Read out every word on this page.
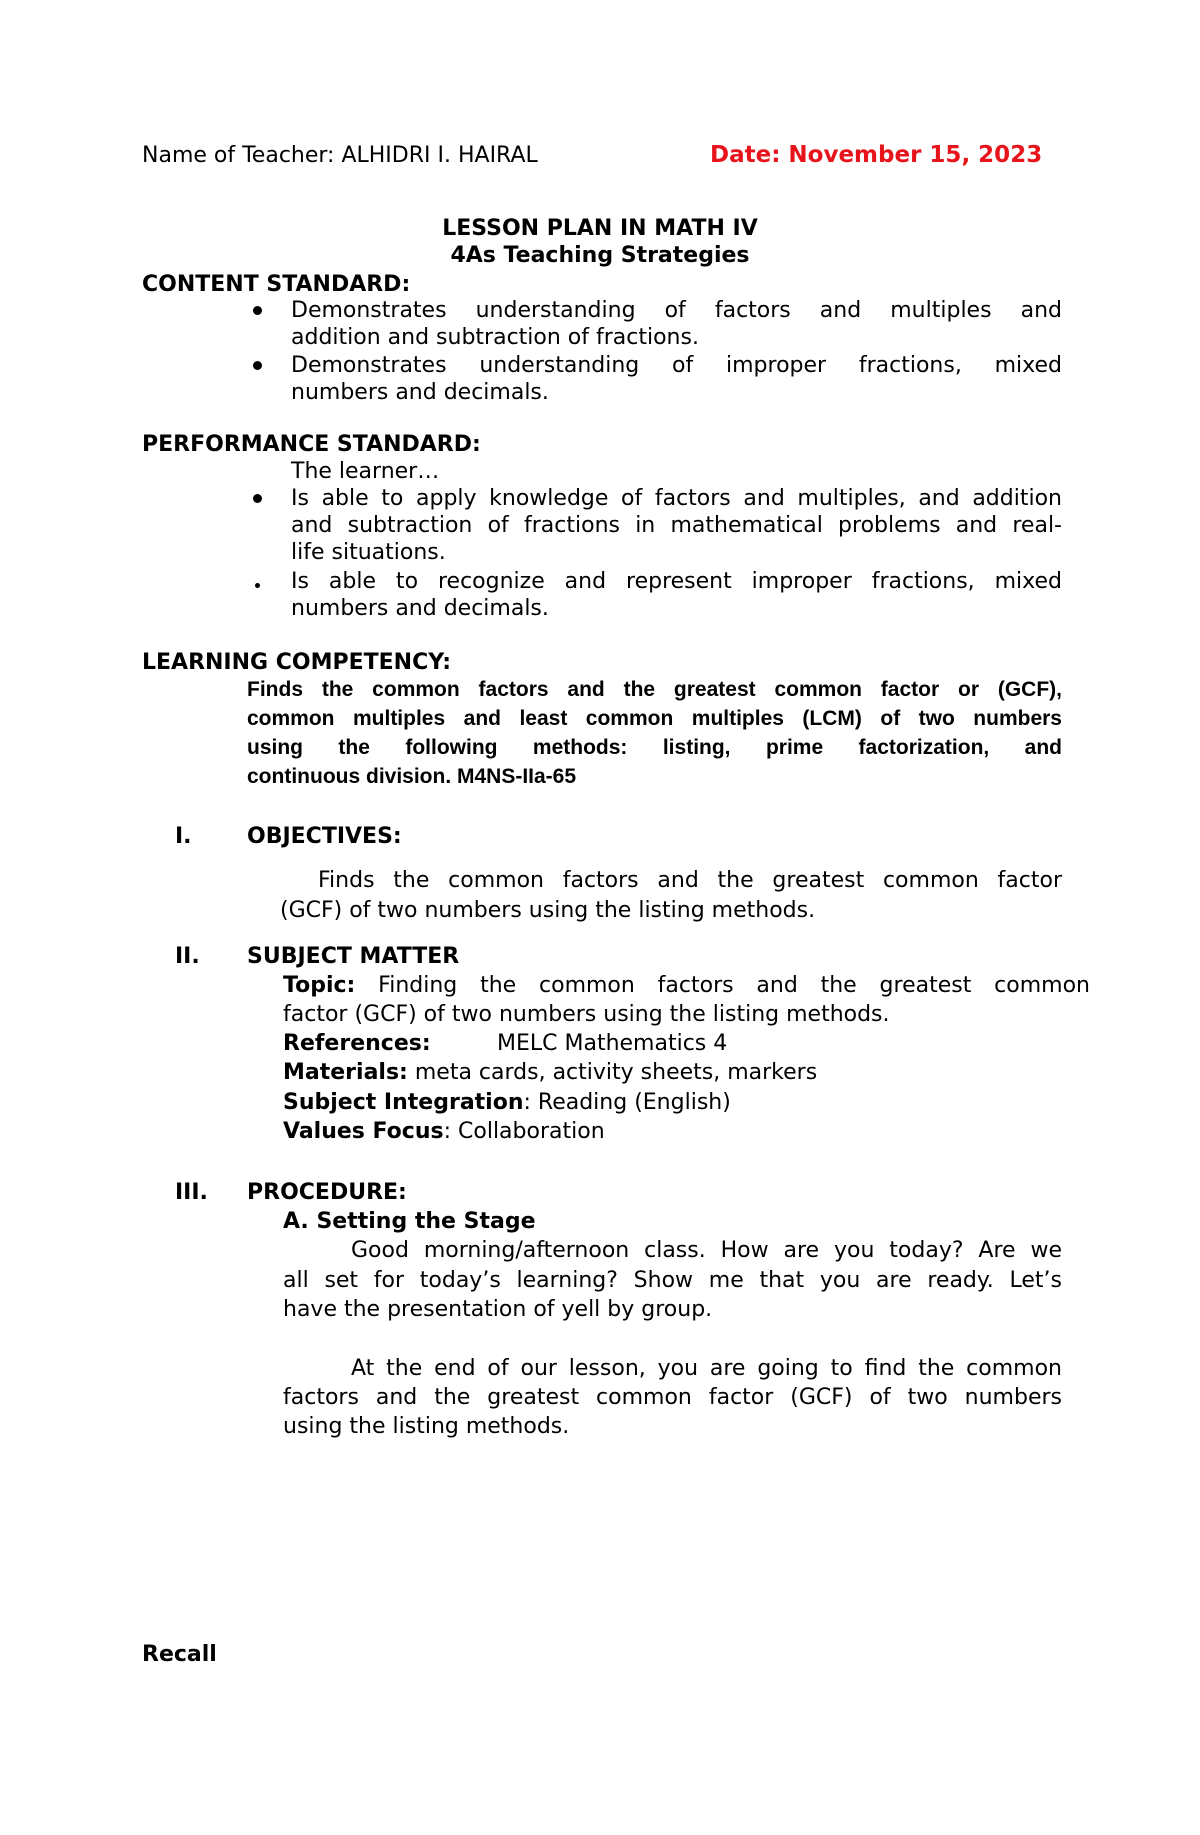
Name of Teacher: ALHIDRI I. HAIRAL	Date: November 15, 2023
LESSON PLAN IN MATH IV
4As Teaching Strategies
CONTENT STANDARD:
Demonstrates understanding of factors and multiples and
addition and subtraction of fractions.
Demonstrates understanding of improper fractions, mixed
numbers and decimals.
PERFORMANCE STANDARD:
The learner…
Is able to apply knowledge of factors and multiples, and addition
and subtraction of fractions in mathematical problems and real-
life situations.
Is able to recognize and represent improper fractions, mixed
numbers and decimals.
LEARNING COMPETENCY:
Finds the common factors and the greatest common factor or (GCF),
common multiples and least common multiples (LCM) of two numbers
using the following methods: listing, prime factorization, and
continuous division. M4NS-IIa-65
I.	OBJECTIVES:
Finds the common factors and the greatest common factor
(GCF) of two numbers using the listing methods.
II. SUBJECT MATTER
Topic: Finding the common factors and the greatest common
factor (GCF) of two numbers using the listing methods.
References:	MELC Mathematics 4
Materials: meta cards, activity sheets, markers
Subject Integration: Reading (English)
Values Focus: Collaboration
III. PROCEDURE:
A. Setting the Stage
Good morning/afternoon class. How are you today? Are we
all set for today’s learning? Show me that you are ready. Let’s
have the presentation of yell by group.
At the end of our lesson, you are going to find the common
factors and the greatest common factor (GCF) of two numbers
using the listing methods.
Recall
